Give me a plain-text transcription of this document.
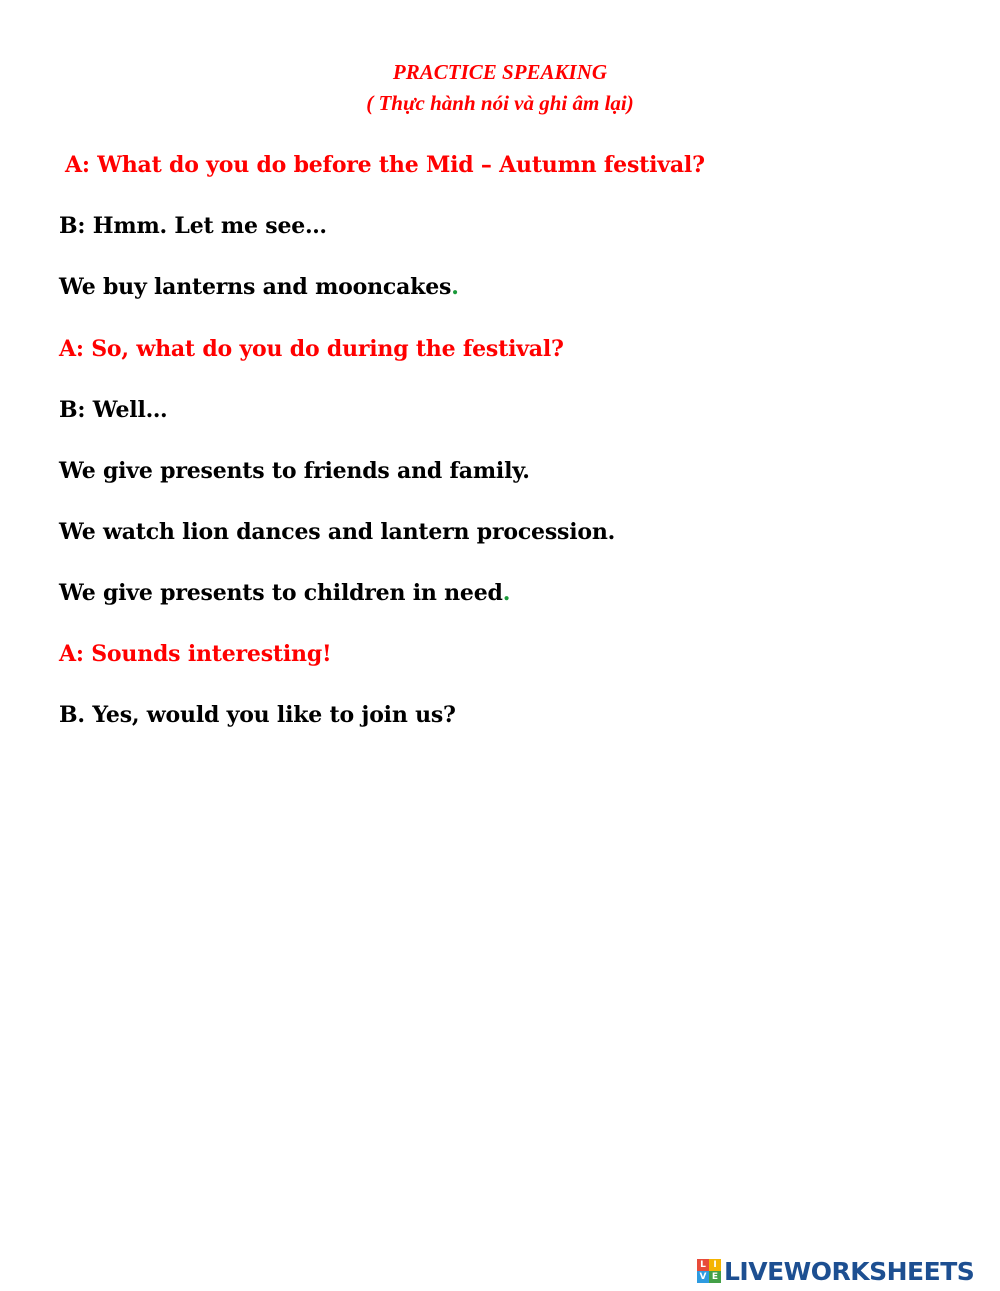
PRACTICE SPEAKING
( Thực hành nói và ghi âm lại)

A: What do you do before the Mid – Autumn festival?

B: Hmm. Let me see…

We buy lanterns and mooncakes.

A: So, what do you do during the festival?

B: Well…

We give presents to friends and family.

We watch lion dances and lantern procession.

We give presents to children in need.

A: Sounds interesting!

B. Yes, would you like to join us?

L I
V E LIVEWORKSHEETS
